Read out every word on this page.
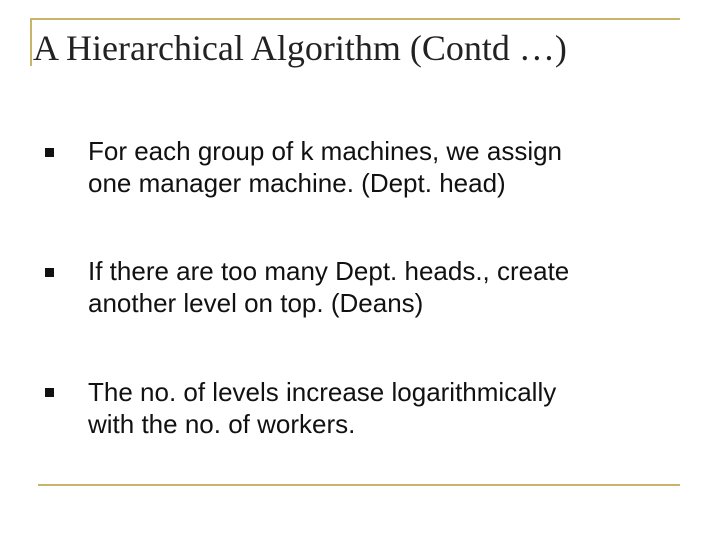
A Hierarchical Algorithm (Contd …)
For each group of k machines, we assign
one manager machine. (Dept. head)
If there are too many Dept. heads., create
another level on top. (Deans)
The no. of levels increase logarithmically
with the no. of workers.
